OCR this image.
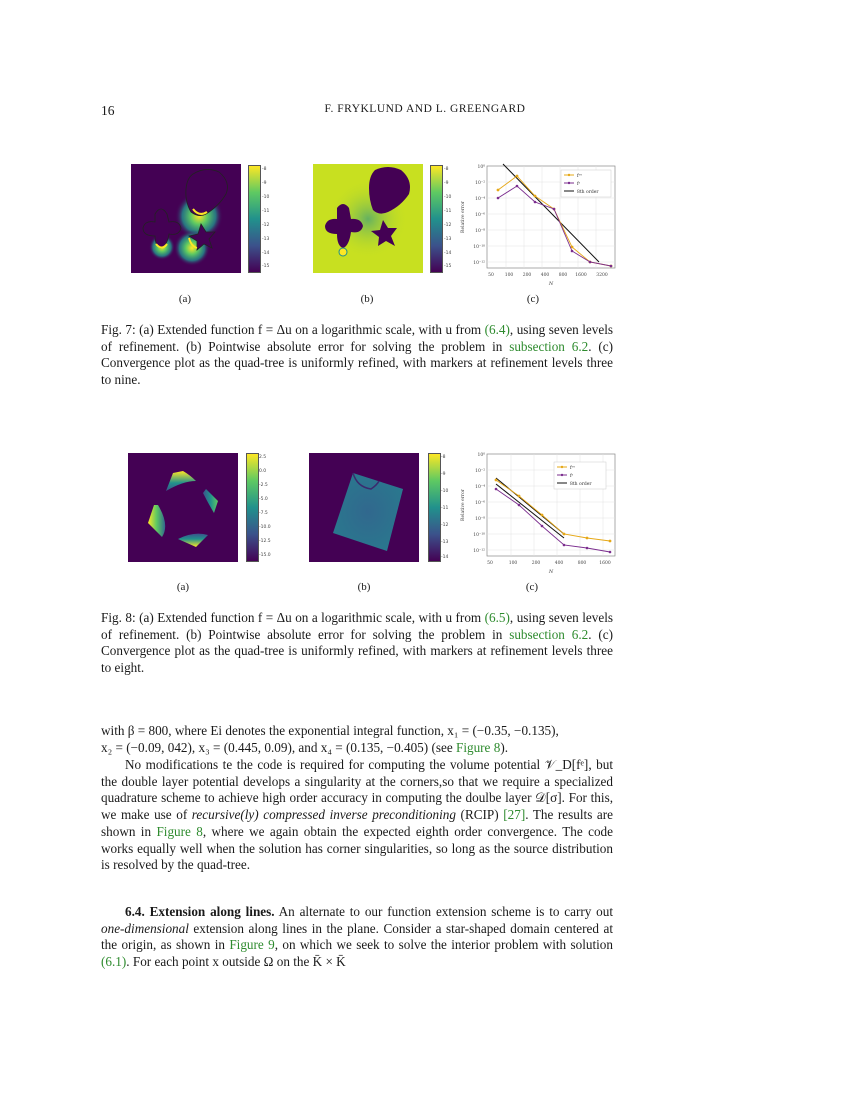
16	F. FRYKLUND AND L. GREENGARD
-8
-9
-10
-11
-12
-13
-14
-15
-8
-9
-10
-11
-12
-13
-14
-15
10⁰
10⁻²
10⁻⁴
10⁻⁶
10⁻⁸
10⁻¹⁰
10⁻¹²
50 100 200 400 800 1600 3200
N
Relative error
fᵉᵉ
fˢ
8th order
(a)	(b)	(c)
Fig. 7: (a) Extended function f = Δu on a logarithmic scale, with u from (6.4), using seven levels of refinement. (b) Pointwise absolute error for solving the problem in subsection 6.2. (c) Convergence plot as the quad-tree is uniformly refined, with markers at refinement levels three to nine.
2.5
0.0
-2.5
-5.0
-7.5
-10.0
-12.5
-15.0
-8
-9
-10
-11
-12
-13
-14
10⁰
10⁻²
10⁻⁴
10⁻⁶
10⁻⁸
10⁻¹⁰
10⁻¹²
50	100	200	400	800	1600
N
Relative error
fᵉᵉ
fˢ
8th order
(a)	(b)	(c)
Fig. 8: (a) Extended function f = Δu on a logarithmic scale, with u from (6.5), using seven levels of refinement. (b) Pointwise absolute error for solving the problem in subsection 6.2. (c) Convergence plot as the quad-tree is uniformly refined, with markers at refinement levels three to eight.
with β = 800, where Ei denotes the exponential integral function, x₁ = (−0.35, −0.135),
x₂ = (−0.09, 042), x₃ = (0.445, 0.09), and x₄ = (0.135, −0.405) (see Figure 8).
No modifications te the code is required for computing the volume potential 𝒱_D[fᵉ], but the double layer potential develops a singularity at the corners,so that we require a specialized quadrature scheme to achieve high order accuracy in computing the doulbe layer 𝒟[σ]. For this, we make use of recursive(ly) compressed inverse preconditioning (RCIP) [27]. The results are shown in Figure 8, where we again obtain the expected eighth order convergence. The code works equally well when the solution has corner singularities, so long as the source distribution is resolved by the quad-tree.
6.4. Extension along lines. An alternate to our function extension scheme is to carry out one-dimensional extension along lines in the plane. Consider a star-shaped domain centered at the origin, as shown in Figure 9, on which we seek to solve the interior problem with solution (6.1). For each point x outside Ω on the K̄ × K̄
